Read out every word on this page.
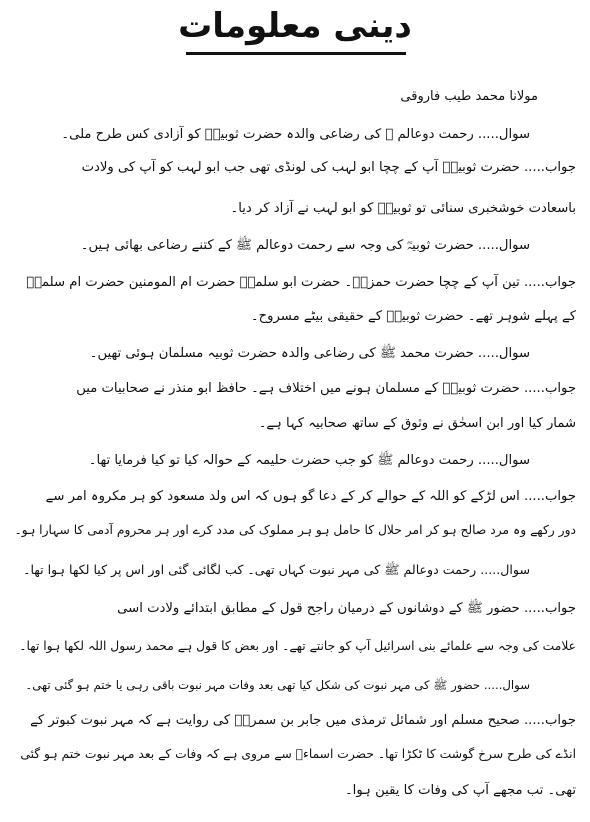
دینی معلومات
مولانا محمد طیب فاروقی
سوال..... رحمت دوعالم ﷺ کی رضاعی والدہ حضرت ثوبیہؓ کو آزادی کس طرح ملی۔
جواب..... حضرت ثوبیہؓ آپ کے چچا ابو لہب کی لونڈی تھی جب ابو لہب کو آپ کی ولادت
باسعادت خوشخبری سنائی تو ثوبیہؓ کو ابو لہب نے آزاد کر دیا۔
سوال..... حضرت ثوبیہؓ کی وجہ سے رحمت دوعالم ﷺ کے کتنے رضاعی بھائی ہیں۔
جواب..... تین آپ کے چچا حضرت حمزہؓ۔ حضرت ابو سلمہؓ حضرت ام المومنین حضرت ام سلمہؓ
کے پہلے شوہر تھے۔ حضرت ثوبیہؓ کے حقیقی بیٹے مسروح۔
سوال..... حضرت محمد ﷺ کی رضاعی والدہ حضرت ثوبیہ مسلمان ہوئی تھیں۔
جواب..... حضرت ثوبیہؓ کے مسلمان ہونے میں اختلاف ہے۔ حافظ ابو منذر نے صحابیات میں
شمار کیا اور ابن اسحٰق نے وثوق کے ساتھ صحابیہ کہا ہے۔
سوال..... رحمت دوعالم ﷺ کو جب حضرت حلیمہ کے حوالہ کیا تو کیا فرمایا تھا۔
جواب..... اس لڑکے کو اللہ کے حوالے کر کے دعا گو ہوں کہ اس ولد مسعود کو ہر مکروہ امر سے
دور رکھے وہ مرد صالح ہو کر امر حلال کا حامل ہو ہر مملوک کی مدد کرے اور ہر محروم آدمی کا سہارا ہو۔
سوال..... رحمت دوعالم ﷺ کی مہر نبوت کہاں تھی۔ کب لگائی گئی اور اس پر کیا لکھا ہوا تھا۔
جواب..... حضور ﷺ کے دوشانوں کے درمیان راجح قول کے مطابق ابتدائے ولادت اسی
علامت کی وجہ سے علمائے بنی اسرائیل آپ کو جانتے تھے۔ اور بعض کا قول ہے محمد رسول اللہ لکھا ہوا تھا۔
سوال..... حضور ﷺ کی مہر نبوت کی شکل کیا تھی بعد وفات مہر نبوت باقی رہی یا ختم ہو گئی تھی۔
جواب..... صحیح مسلم اور شمائل ترمذی میں جابر بن سمرہؓ کی روایت ہے کہ مہر نبوت کبوتر کے
انڈے کی طرح سرخ گوشت کا ٹکڑا تھا۔ حضرت اسماءؓ سے مروی ہے کہ وفات کے بعد مہر نبوت ختم ہو گئی
تھی۔ تب مجھے آپ کی وفات کا یقین ہوا۔
